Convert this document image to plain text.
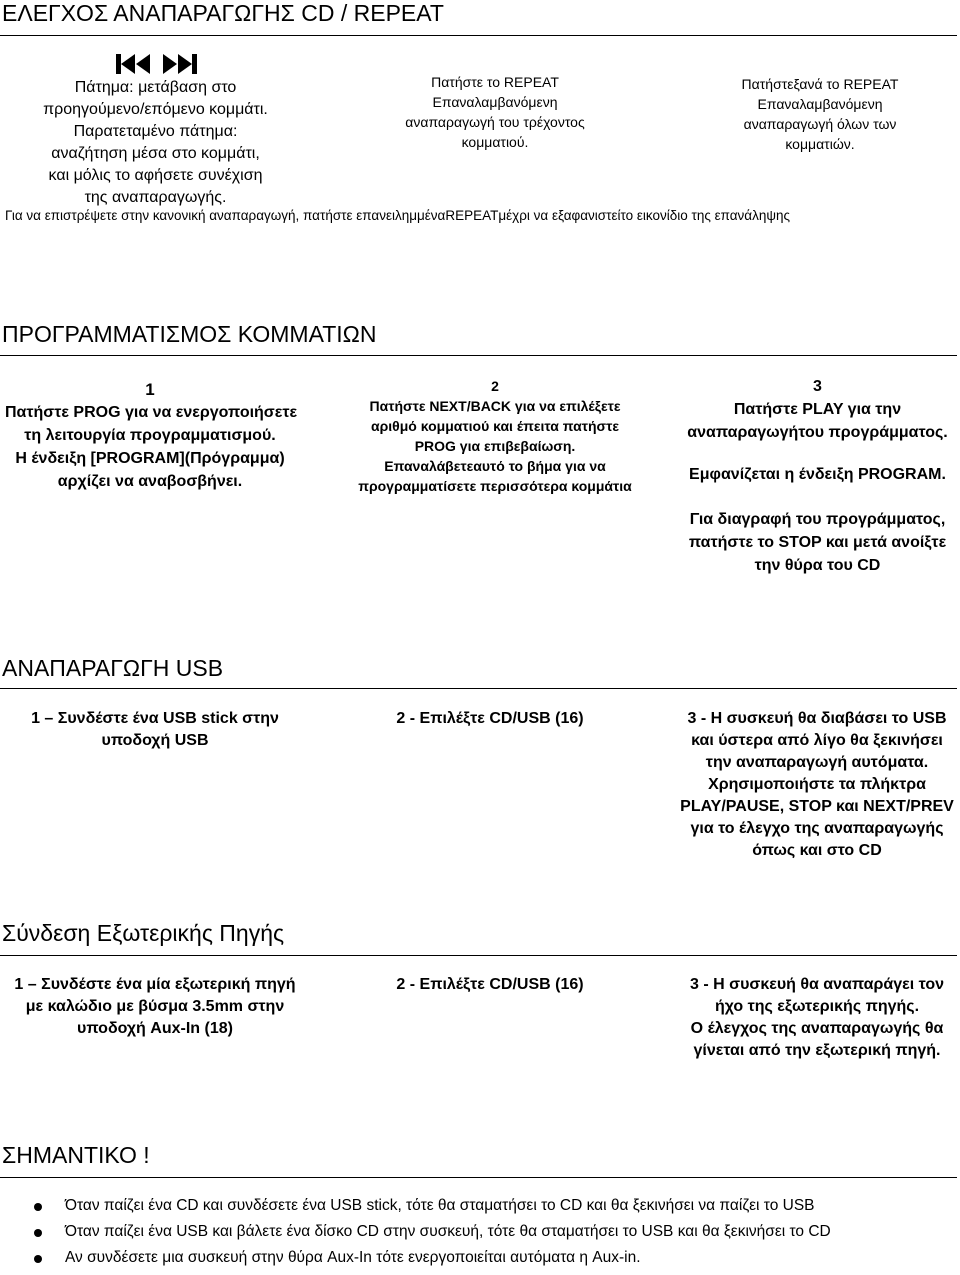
ΕΛΕΓΧΟΣ ΑΝΑΠΑΡΑΓΩΓΗΣ CD / REPEAT
Πάτημα: μετάβαση στο
προηγούμενο/επόμενο κομμάτι.
Παρατεταμένο πάτημα:
αναζήτηση μέσα στο κομμάτι,
και μόλις το αφήσετε συνέχιση
της αναπαραγωγής.
Πατήστε το REPEAT
Επαναλαμβανόμενη
αναπαραγωγή του τρέχοντος
κομματιού.
Πατήστεξανά το REPEAT
Επαναλαμβανόμενη
αναπαραγωγή όλων των
κομματιών.
Για να επιστρέψετε στην κανονική αναπαραγωγή, πατήστε επανειλημμέναREPEATμέχρι να εξαφανιστείτο εικονίδιο της επανάληψης
ΠΡΟΓΡΑΜΜΑΤΙΣΜΟΣ ΚΟΜΜΑΤΙΩΝ
1
Πατήστε PROG για να ενεργοποιήσετε
τη λειτουργία προγραμματισμού.
Η ένδειξη [PROGRAM](Πρόγραμμα)
αρχίζει να αναβοσβήνει.
2
Πατήστε NEXT/BACK για να επιλέξετε
αριθμό κομματιού και έπειτα πατήστε
PROG για επιβεβαίωση.
Επαναλάβετεαυτό το βήμα για να
προγραμματίσετε περισσότερα κομμάτια
3
Πατήστε PLAY για την
αναπαραγωγήτου προγράμματος.
Εμφανίζεται η ένδειξη PROGRAM.
Για διαγραφή του προγράμματος,
πατήστε το STOP και μετά ανοίξτε
την θύρα του CD
ΑΝΑΠΑΡΑΓΩΓΗ USB
1 – Συνδέστε ένα USB stick στην
υποδοχή USB
2 - Επιλέξτε CD/USB (16)	3 - Η συσκευή θα διαβάσει το USB
και ύστερα από λίγο θα ξεκινήσει
την αναπαραγωγή αυτόματα.
Χρησιμοποιήστε τα πλήκτρα
PLAY/PAUSE, STOP και NEXT/PREV
για το έλεγχο της αναπαραγωγής
όπως και στο CD
Σύνδεση Εξωτερικής Πηγής
1 – Συνδέστε ένα μία εξωτερική πηγή
με καλώδιο με βύσμα 3.5mm στην
υποδοχή Aux-In (18)
2 - Επιλέξτε CD/USB (16)	3 - Η συσκευή θα αναπαράγει τον
ήχο της εξωτερικής πηγής.
Ο έλεγχος της αναπαραγωγής θα
γίνεται από την εξωτερική πηγή.
ΣΗΜΑΝΤΙΚΟ !
Όταν παίζει ένα CD και συνδέσετε ένα USB stick, τότε θα σταματήσει το CD και θα ξεκινήσει να παίζει το USB
Όταν παίζει ένα USB και βάλετε ένα δίσκο CD στην συσκευή, τότε θα σταματήσει το USB και θα ξεκινήσει το CD
Αν συνδέσετε μια συσκευή στην θύρα Aux-In τότε ενεργοποιείται αυτόματα η Aux-in.
